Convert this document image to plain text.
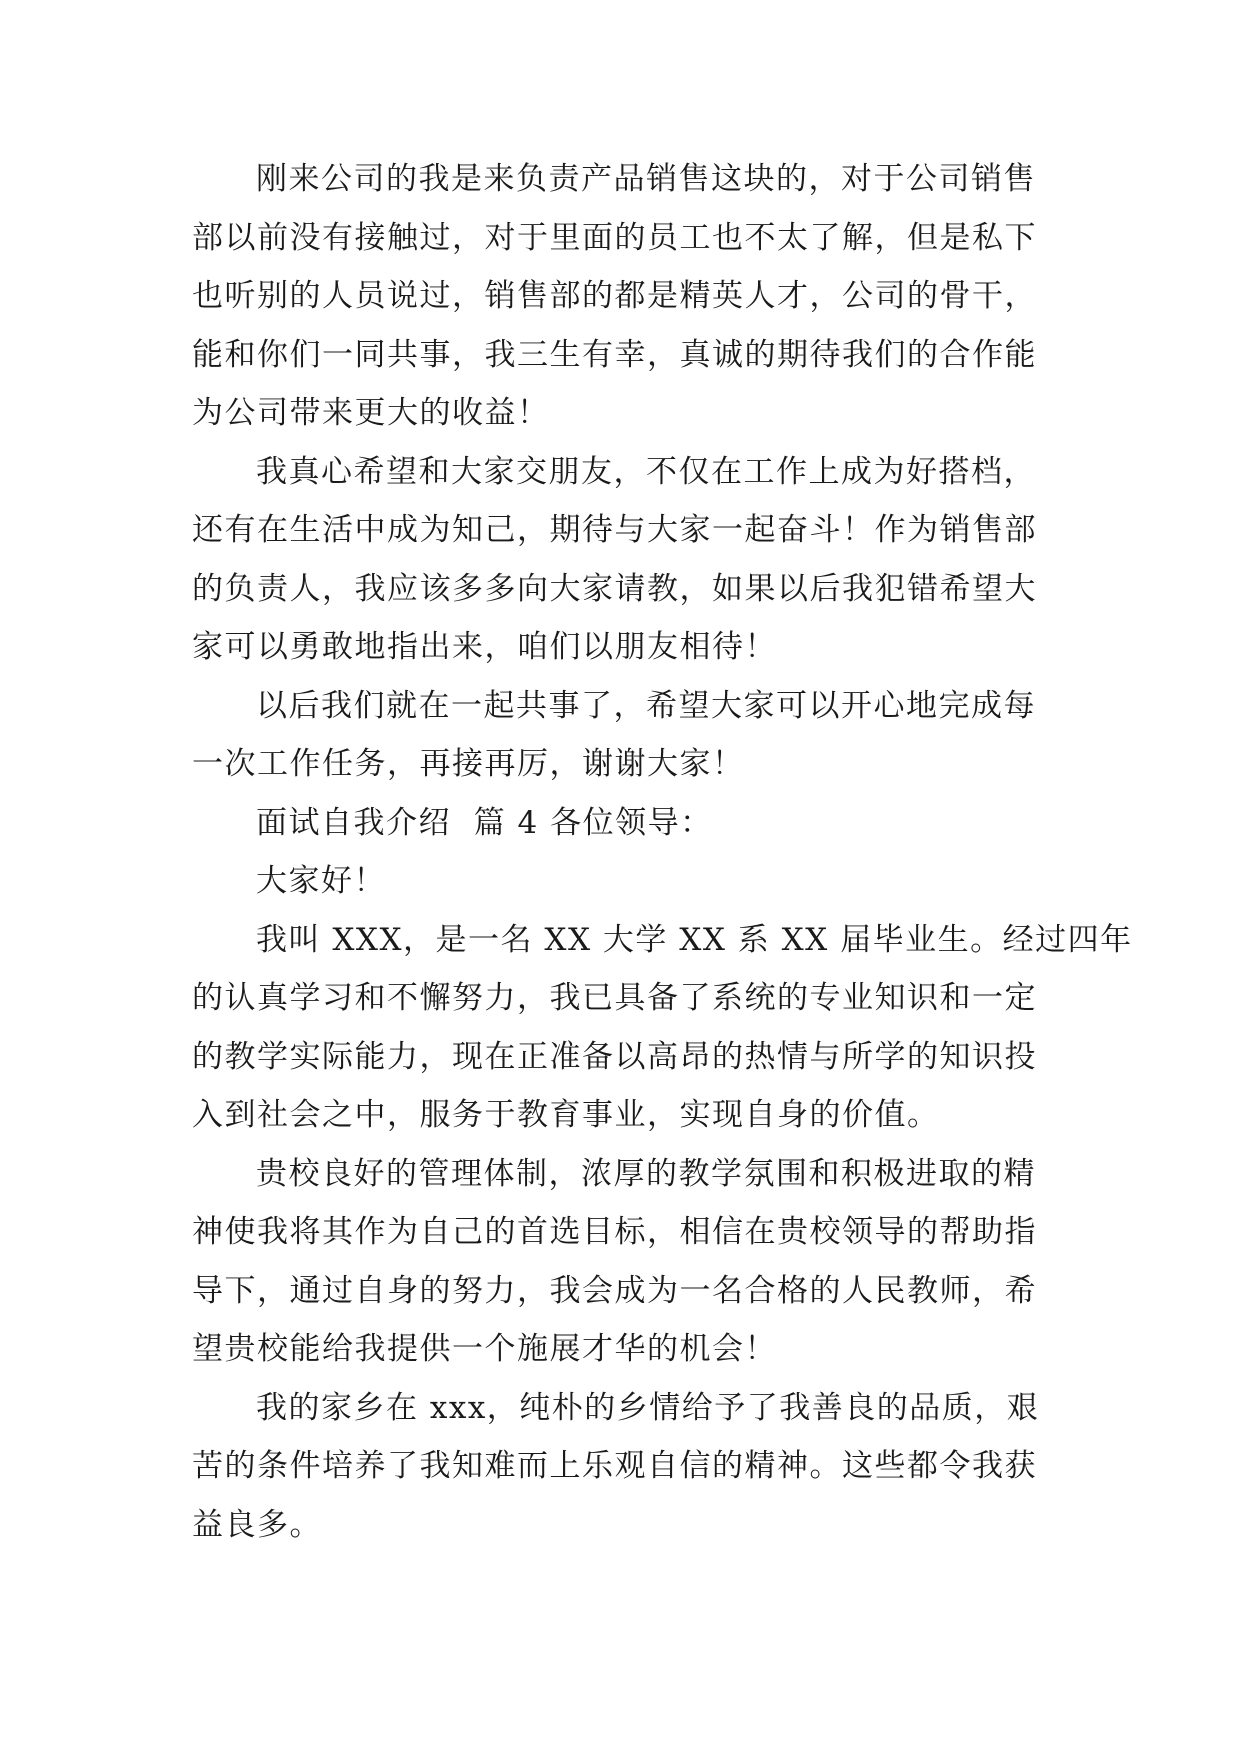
刚来公司的我是来负责产品销售这块的，对于公司销售
部以前没有接触过，对于里面的员工也不太了解，但是私下
也听别的人员说过，销售部的都是精英人才，公司的骨干，
能和你们一同共事，我三生有幸，真诚的期待我们的合作能
为公司带来更大的收益！
我真心希望和大家交朋友，不仅在工作上成为好搭档，
还有在生活中成为知己，期待与大家一起奋斗！作为销售部
的负责人，我应该多多向大家请教，如果以后我犯错希望大
家可以勇敢地指出来，咱们以朋友相待！
以后我们就在一起共事了，希望大家可以开心地完成每
一次工作任务，再接再厉，谢谢大家！
面试自我介绍  篇 4 各位领导：
大家好！
我叫 XXX，是一名 XX 大学 XX 系 XX 届毕业生。经过四年
的认真学习和不懈努力，我已具备了系统的专业知识和一定
的教学实际能力，现在正准备以高昂的热情与所学的知识投
入到社会之中，服务于教育事业，实现自身的价值。
贵校良好的管理体制，浓厚的教学氛围和积极进取的精
神使我将其作为自己的首选目标，相信在贵校领导的帮助指
导下，通过自身的努力，我会成为一名合格的人民教师，希
望贵校能给我提供一个施展才华的机会！
我的家乡在 xxx，纯朴的乡情给予了我善良的品质，艰
苦的条件培养了我知难而上乐观自信的精神。这些都令我获
益良多。
